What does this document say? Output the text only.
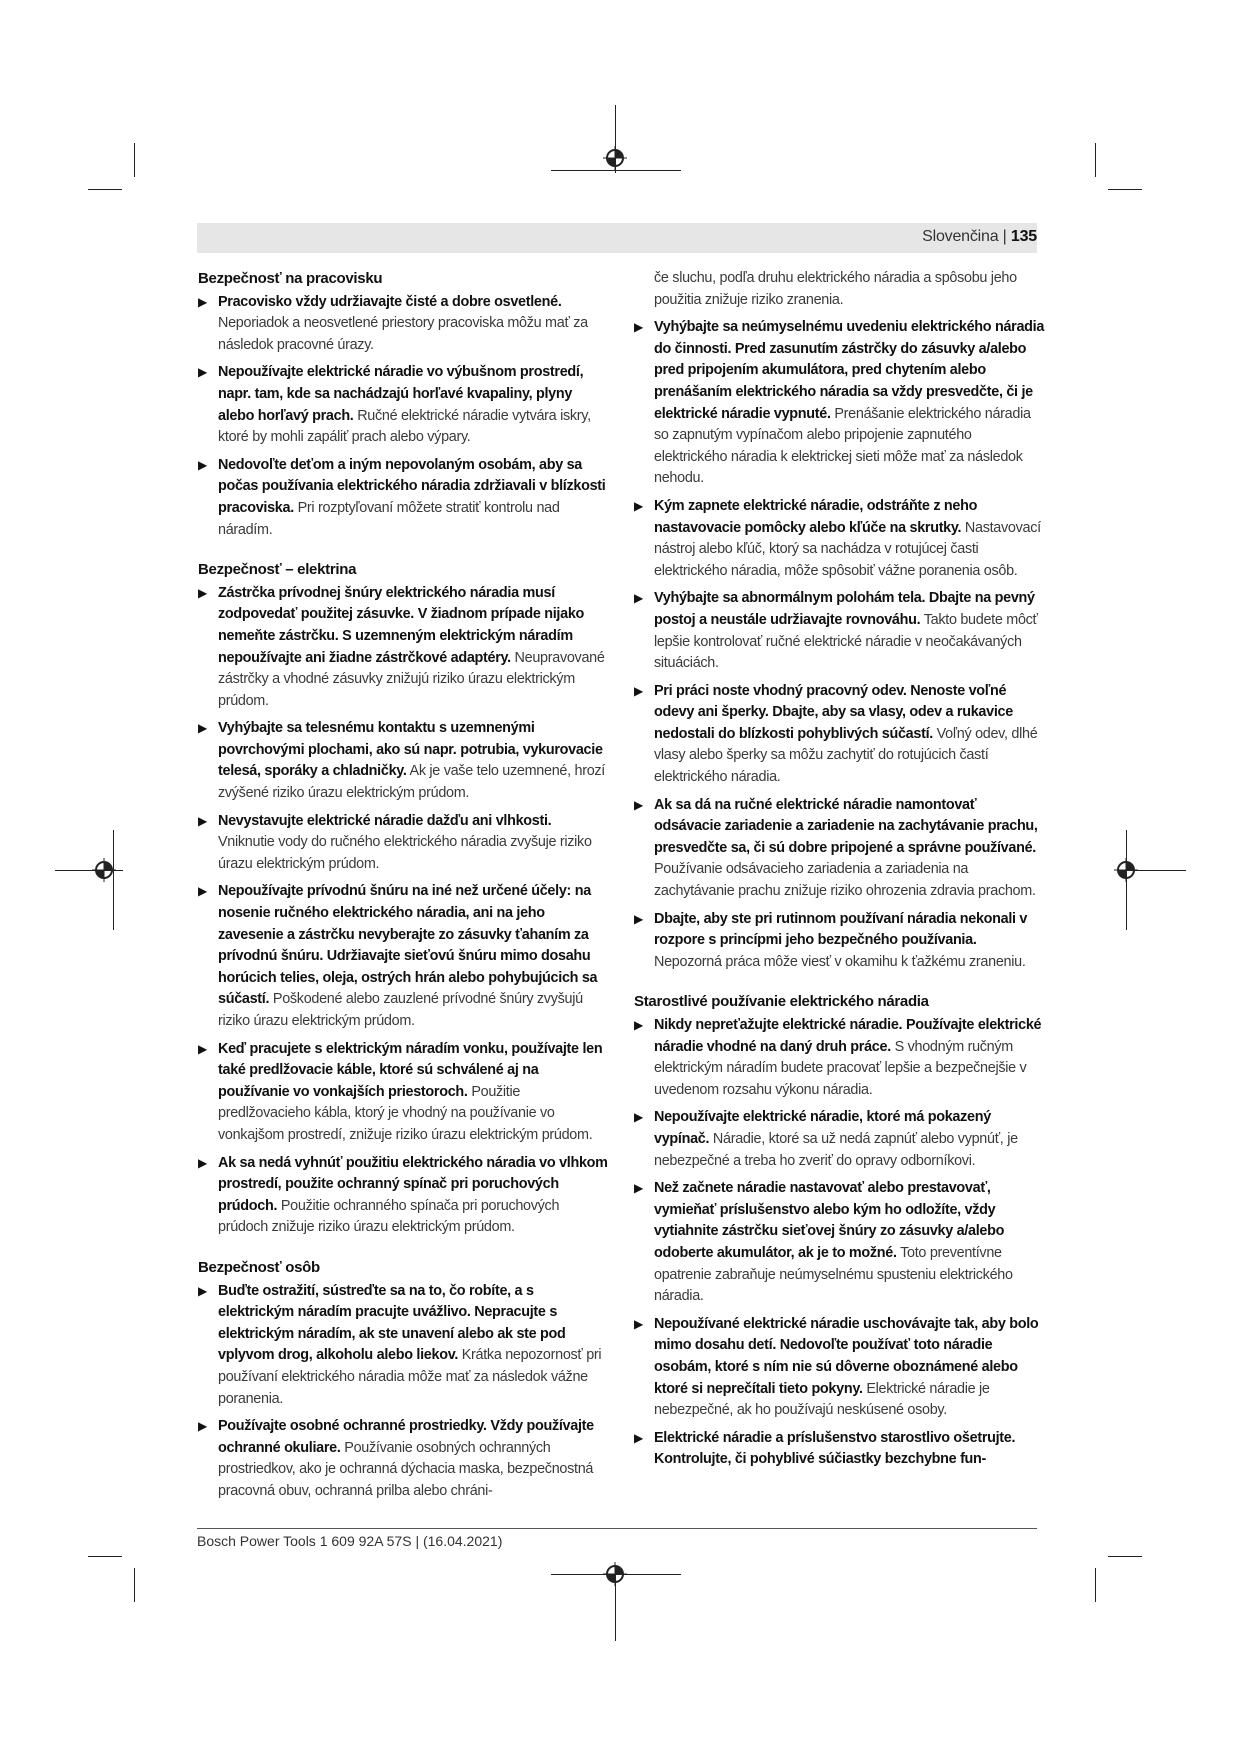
Slovenčina | 135
Bezpečnosť na pracovisku
▶ Pracovisko vždy udržiavajte čisté a dobre osvetlené. Neporiadok a neosvetlené priestory pracoviska môžu mať za následok pracovné úrazy.
▶ Nepoužívajte elektrické náradie vo výbušnom prostredí, napr. tam, kde sa nachádzajú horľavé kvapaliny, plyny alebo horľavý prach. Ručné elektrické náradie vytvára iskry, ktoré by mohli zapáliť prach alebo výpary.
▶ Nedovoľte deťom a iným nepovolaným osobám, aby sa počas používania elektrického náradia zdržiavali v blízkosti pracoviska. Pri rozptyľovaní môžete stratiť kontrolu nad náradím.
Bezpečnosť – elektrina
▶ Zástrčka prívodnej šnúry elektrického náradia musí zodpovedať použitej zásuvke. V žiadnom prípade nijako nemeňte zástrčku. S uzemneným elektrickým náradím nepoužívajte ani žiadne zástrčkové adaptéry. Neupravované zástrčky a vhodné zásuvky znižujú riziko úrazu elektrickým prúdom.
▶ Vyhýbajte sa telesnému kontaktu s uzemnenými povrchovými plochami, ako sú napr. potrubia, vykurovacie telesá, sporáky a chladničky. Ak je vaše telo uzemnené, hrozí zvýšené riziko úrazu elektrickým prúdom.
▶ Nevystavujte elektrické náradie dažďu ani vlhkosti. Vniknutie vody do ručného elektrického náradia zvyšuje riziko úrazu elektrickým prúdom.
▶ Nepoužívajte prívodnú šnúru na iné než určené účely: na nosenie ručného elektrického náradia, ani na jeho zavesenie a zástrčku nevyberajte zo zásuvky ťahaním za prívodnú šnúru. Udržiavajte sieťovú šnúru mimo dosahu horúcich telies, oleja, ostrých hrán alebo pohybujúcich sa súčastí. Poškodené alebo zauzlené prívodné šnúry zvyšujú riziko úrazu elektrickým prúdom.
▶ Keď pracujete s elektrickým náradím vonku, používajte len také predlžovacie káble, ktoré sú schválené aj na používanie vo vonkajších priestoroch. Použitie predlžovacieho kábla, ktorý je vhodný na používanie vo vonkajšom prostredí, znižuje riziko úrazu elektrickým prúdom.
▶ Ak sa nedá vyhnúť použitiu elektrického náradia vo vlhkom prostredí, použite ochranný spínač pri poruchových prúdoch. Použitie ochranného spínača pri poruchových prúdoch znižuje riziko úrazu elektrickým prúdom.
Bezpečnosť osôb
▶ Buďte ostražití, sústreďte sa na to, čo robíte, a s elektrickým náradím pracujte uvážlivo. Nepracujte s elektrickým náradím, ak ste unavení alebo ak ste pod vplyvom drog, alkoholu alebo liekov. Krátka nepozornosť pri používaní elektrického náradia môže mať za následok vážne poranenia.
▶ Používajte osobné ochranné prostriedky. Vždy používajte ochranné okuliare. Používanie osobných ochranných prostriedkov, ako je ochranná dýchacia maska, bezpečnostná pracovná obuv, ochranná prilba alebo chráni-
če sluchu, podľa druhu elektrického náradia a spôsobu jeho použitia znižuje riziko zranenia.
▶ Vyhýbajte sa neúmyselnému uvedeniu elektrického náradia do činnosti. Pred zasunutím zástrčky do zásuvky a/alebo pred pripojením akumulátora, pred chytením alebo prenášaním elektrického náradia sa vždy presvedčte, či je elektrické náradie vypnuté. Prenášanie elektrického náradia so zapnutým vypínačom alebo pripojenie zapnutého elektrického náradia k elektrickej sieti môže mať za následok nehodu.
▶ Kým zapnete elektrické náradie, odstráňte z neho nastavovacie pomôcky alebo kľúče na skrutky. Nastavovací nástroj alebo kľúč, ktorý sa nachádza v rotujúcej časti elektrického náradia, môže spôsobiť vážne poranenia osôb.
▶ Vyhýbajte sa abnormálnym polohám tela. Dbajte na pevný postoj a neustále udržiavajte rovnováhu. Takto budete môcť lepšie kontrolovať ručné elektrické náradie v neočakávaných situáciách.
▶ Pri práci noste vhodný pracovný odev. Nenoste voľné odevy ani šperky. Dbajte, aby sa vlasy, odev a rukavice nedostali do blízkosti pohyblivých súčastí. Voľný odev, dlhé vlasy alebo šperky sa môžu zachytiť do rotujúcich častí elektrického náradia.
▶ Ak sa dá na ručné elektrické náradie namontovať odsávacie zariadenie a zariadenie na zachytávanie prachu, presvedčte sa, či sú dobre pripojené a správne používané. Používanie odsávacieho zariadenia a zariadenia na zachytávanie prachu znižuje riziko ohrozenia zdravia prachom.
▶ Dbajte, aby ste pri rutinnom používaní náradia nekonali v rozpore s princípmi jeho bezpečného používania. Nepozorná práca môže viesť v okamihu k ťažkému zraneniu.
Starostlivé používanie elektrického náradia
▶ Nikdy nepreťažujte elektrické náradie. Používajte elektrické náradie vhodné na daný druh práce. S vhodným ručným elektrickým náradím budete pracovať lepšie a bezpečnejšie v uvedenom rozsahu výkonu náradia.
▶ Nepoužívajte elektrické náradie, ktoré má pokazený vypínač. Náradie, ktoré sa už nedá zapnúť alebo vypnúť, je nebezpečné a treba ho zveriť do opravy odborníkovi.
▶ Než začnete náradie nastavovať alebo prestavovať, vymieňať príslušenstvo alebo kým ho odložíte, vždy vytiahnite zástrčku sieťovej šnúry zo zásuvky a/alebo odoberte akumulátor, ak je to možné. Toto preventívne opatrenie zabraňuje neúmyselnému spusteniu elektrického náradia.
▶ Nepoužívané elektrické náradie uschovávajte tak, aby bolo mimo dosahu detí. Nedovoľte používať toto náradie osobám, ktoré s ním nie sú dôverne oboznámené alebo ktoré si neprečítali tieto pokyny. Elektrické náradie je nebezpečné, ak ho používajú neskúsené osoby.
▶ Elektrické náradie a príslušenstvo starostlivo ošetrujte. Kontrolujte, či pohyblivé súčiastky bezchybne fun-
Bosch Power Tools 1 609 92A 57S | (16.04.2021)
